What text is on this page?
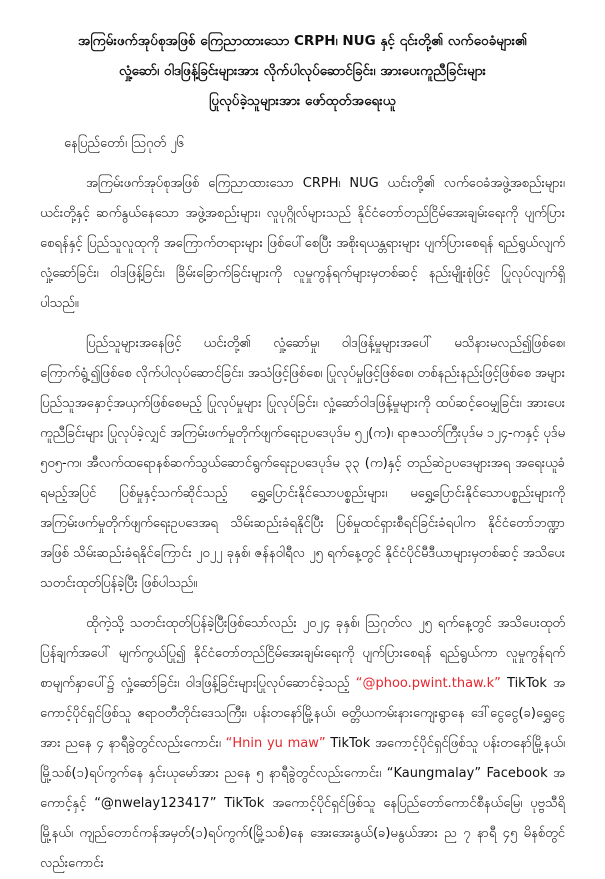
အကြမ်းဖက်အုပ်စုအဖြစ် ကြေညာထားသော CRPH၊ NUG နှင့် ၎င်းတို့၏ လက်ဝေခံများ၏
လှုံ့ဆော်၊ ဝါဒဖြန့်ခြင်းများအား လိုက်ပါလုပ်ဆောင်ခြင်း၊ အားပေးကူညီခြင်းများ
ပြုလုပ်ခဲ့သူများအား ဖော်ထုတ်အရေးယူ

နေပြည်တော်၊ ဩဂုတ် ၂၆

အကြမ်းဖက်အုပ်စုအဖြစ် ကြေညာထားသော CRPH၊ NUG ယင်းတို့၏ လက်ဝေခံအဖွဲ့အစည်းများ၊ ယင်းတို့နှင့် ဆက်နွယ်နေသော အဖွဲ့အစည်းများ၊ လူပုဂ္ဂိုလ်များသည် နိုင်ငံတော်တည်ငြိမ်အေးချမ်းရေးကို ပျက်ပြားစေရန်နှင့် ပြည်သူလူထုကို အကြောက်တရားများ ဖြစ်ပေါ်စေပြီး အစိုးရယန္တရားများ ပျက်ပြားစေရန် ရည်ရွယ်လျက် လှုံ့ဆော်ခြင်း၊ ဝါဒဖြန့်ခြင်း၊ ခြိမ်းခြောက်ခြင်းများကို လူမှုကွန်ရက်များမှတစ်ဆင့် နည်းမျိုးစုံဖြင့် ပြုလုပ်လျက်ရှိပါသည်။

ပြည်သူများအနေဖြင့် ယင်းတို့၏ လှုံ့ဆော်မှု၊ ဝါဒဖြန့်မှုများအပေါ် မသိနားမလည်၍ဖြစ်စေ၊ ကြောက်ရွံ့၍ဖြစ်စေ လိုက်ပါလုပ်ဆောင်ခြင်း၊ အသံဖြင့်ဖြစ်စေ၊ ပြုလုပ်မှုဖြင့်ဖြစ်စေ၊ တစ်နည်းနည်းဖြင့်ဖြစ်စေ အများပြည်သူအနှောင့်အယှက်ဖြစ်စေမည့် ပြုလုပ်မှုများ ပြုလုပ်ခြင်း၊ လှုံ့ဆော်ဝါဒဖြန့်မှုများကို ထပ်ဆင့်ဝေမျှခြင်း၊ အားပေးကူညီခြင်းများ ပြုလုပ်ခဲ့လျှင် အကြမ်းဖက်မှုတိုက်ဖျက်ရေးဥပဒေပုဒ်မ ၅၂(က)၊ ရာဇသတ်ကြီးပုဒ်မ ၁၂၄-ကနှင့် ပုဒ်မ ၅၀၅-က၊ အီလက်ထရောနစ်ဆက်သွယ်ဆောင်ရွက်ရေးဥပဒေပုဒ်မ ၃၃ (က)နှင့် တည်ဆဲဥပဒေများအရ အရေးယူခံရမည့်အပြင် ပြစ်မှုနှင့်သက်ဆိုင်သည့် ရွှေ့ပြောင်းနိုင်သောပစ္စည်းများ၊ မရွှေ့ပြောင်းနိုင်သောပစ္စည်းများကို အကြမ်းဖက်မှုတိုက်ဖျက်ရေးဥပဒေအရ သိမ်းဆည်းခံရနိုင်ပြီး ပြစ်မှုထင်ရှားစီရင်ခြင်းခံရပါက နိုင်ငံတော်ဘဏ္ဍာအဖြစ် သိမ်းဆည်းခံရနိုင်ကြောင်း ၂၀၂၂ ခုနှစ်၊ ဇန်နဝါရီလ ၂၅ ရက်နေ့တွင် နိုင်ငံပိုင်မီဒီယာများမှတစ်ဆင့် အသိပေးသတင်းထုတ်ပြန်ခဲ့ပြီး ဖြစ်ပါသည်။

ထိုကဲ့သို့ သတင်းထုတ်ပြန်ခဲ့ပြီးဖြစ်သော်လည်း ၂၀၂၄ ခုနှစ်၊ ဩဂုတ်လ ၂၅ ရက်နေ့တွင် အသိပေးထုတ်ပြန်ချက်အပေါ် မျက်ကွယ်ပြု၍ နိုင်ငံတော်တည်ငြိမ်အေးချမ်းရေးကို ပျက်ပြားစေရန် ရည်ရွယ်ကာ လူမှုကွန်ရက်စာမျက်နှာပေါ်၌ လှုံ့ဆော်ခြင်း၊ ဝါဒဖြန့်ခြင်းများပြုလုပ်ဆောင်ခဲ့သည့် “@phoo.pwint.thaw.k” TikTok အကောင့်ပိုင်ရှင်ဖြစ်သူ ဧရာဝတီတိုင်းဒေသကြီး၊ ပန်းတနော်မြို့နယ်၊ ဓတ္တိယကမ်းနားကျေးရွာနေ ဒေါ်ငွေငွေ(ခ)ရွှေငွေအား ညနေ ၄ နာရီခွဲတွင်လည်းကောင်း၊ “Hnin yu maw” TikTok အကောင့်ပိုင်ရှင်ဖြစ်သူ ပန်းတနော်မြို့နယ်၊ မြို့သစ်(၁)ရပ်ကွက်နေ နှင်းယုမော်အား ညနေ ၅ နာရီခွဲတွင်လည်းကောင်း၊ “Kaungmalay” Facebook အကောင့်နှင့် “@nwelay123417” TikTok အကောင့်ပိုင်ရှင်ဖြစ်သူ နေပြည်တော်ကောင်စီနယ်မြေ၊ ပုဗ္ဗသီရိမြို့နယ်၊ ကျည်တောင်ကန်အမှတ်(၁)ရပ်ကွက်(မြို့သစ်)နေ အေးအေးနွယ်(ခ)မနွယ်အား ည ၇ နာရီ ၄၅ မိနစ်တွင်လည်းကောင်း
